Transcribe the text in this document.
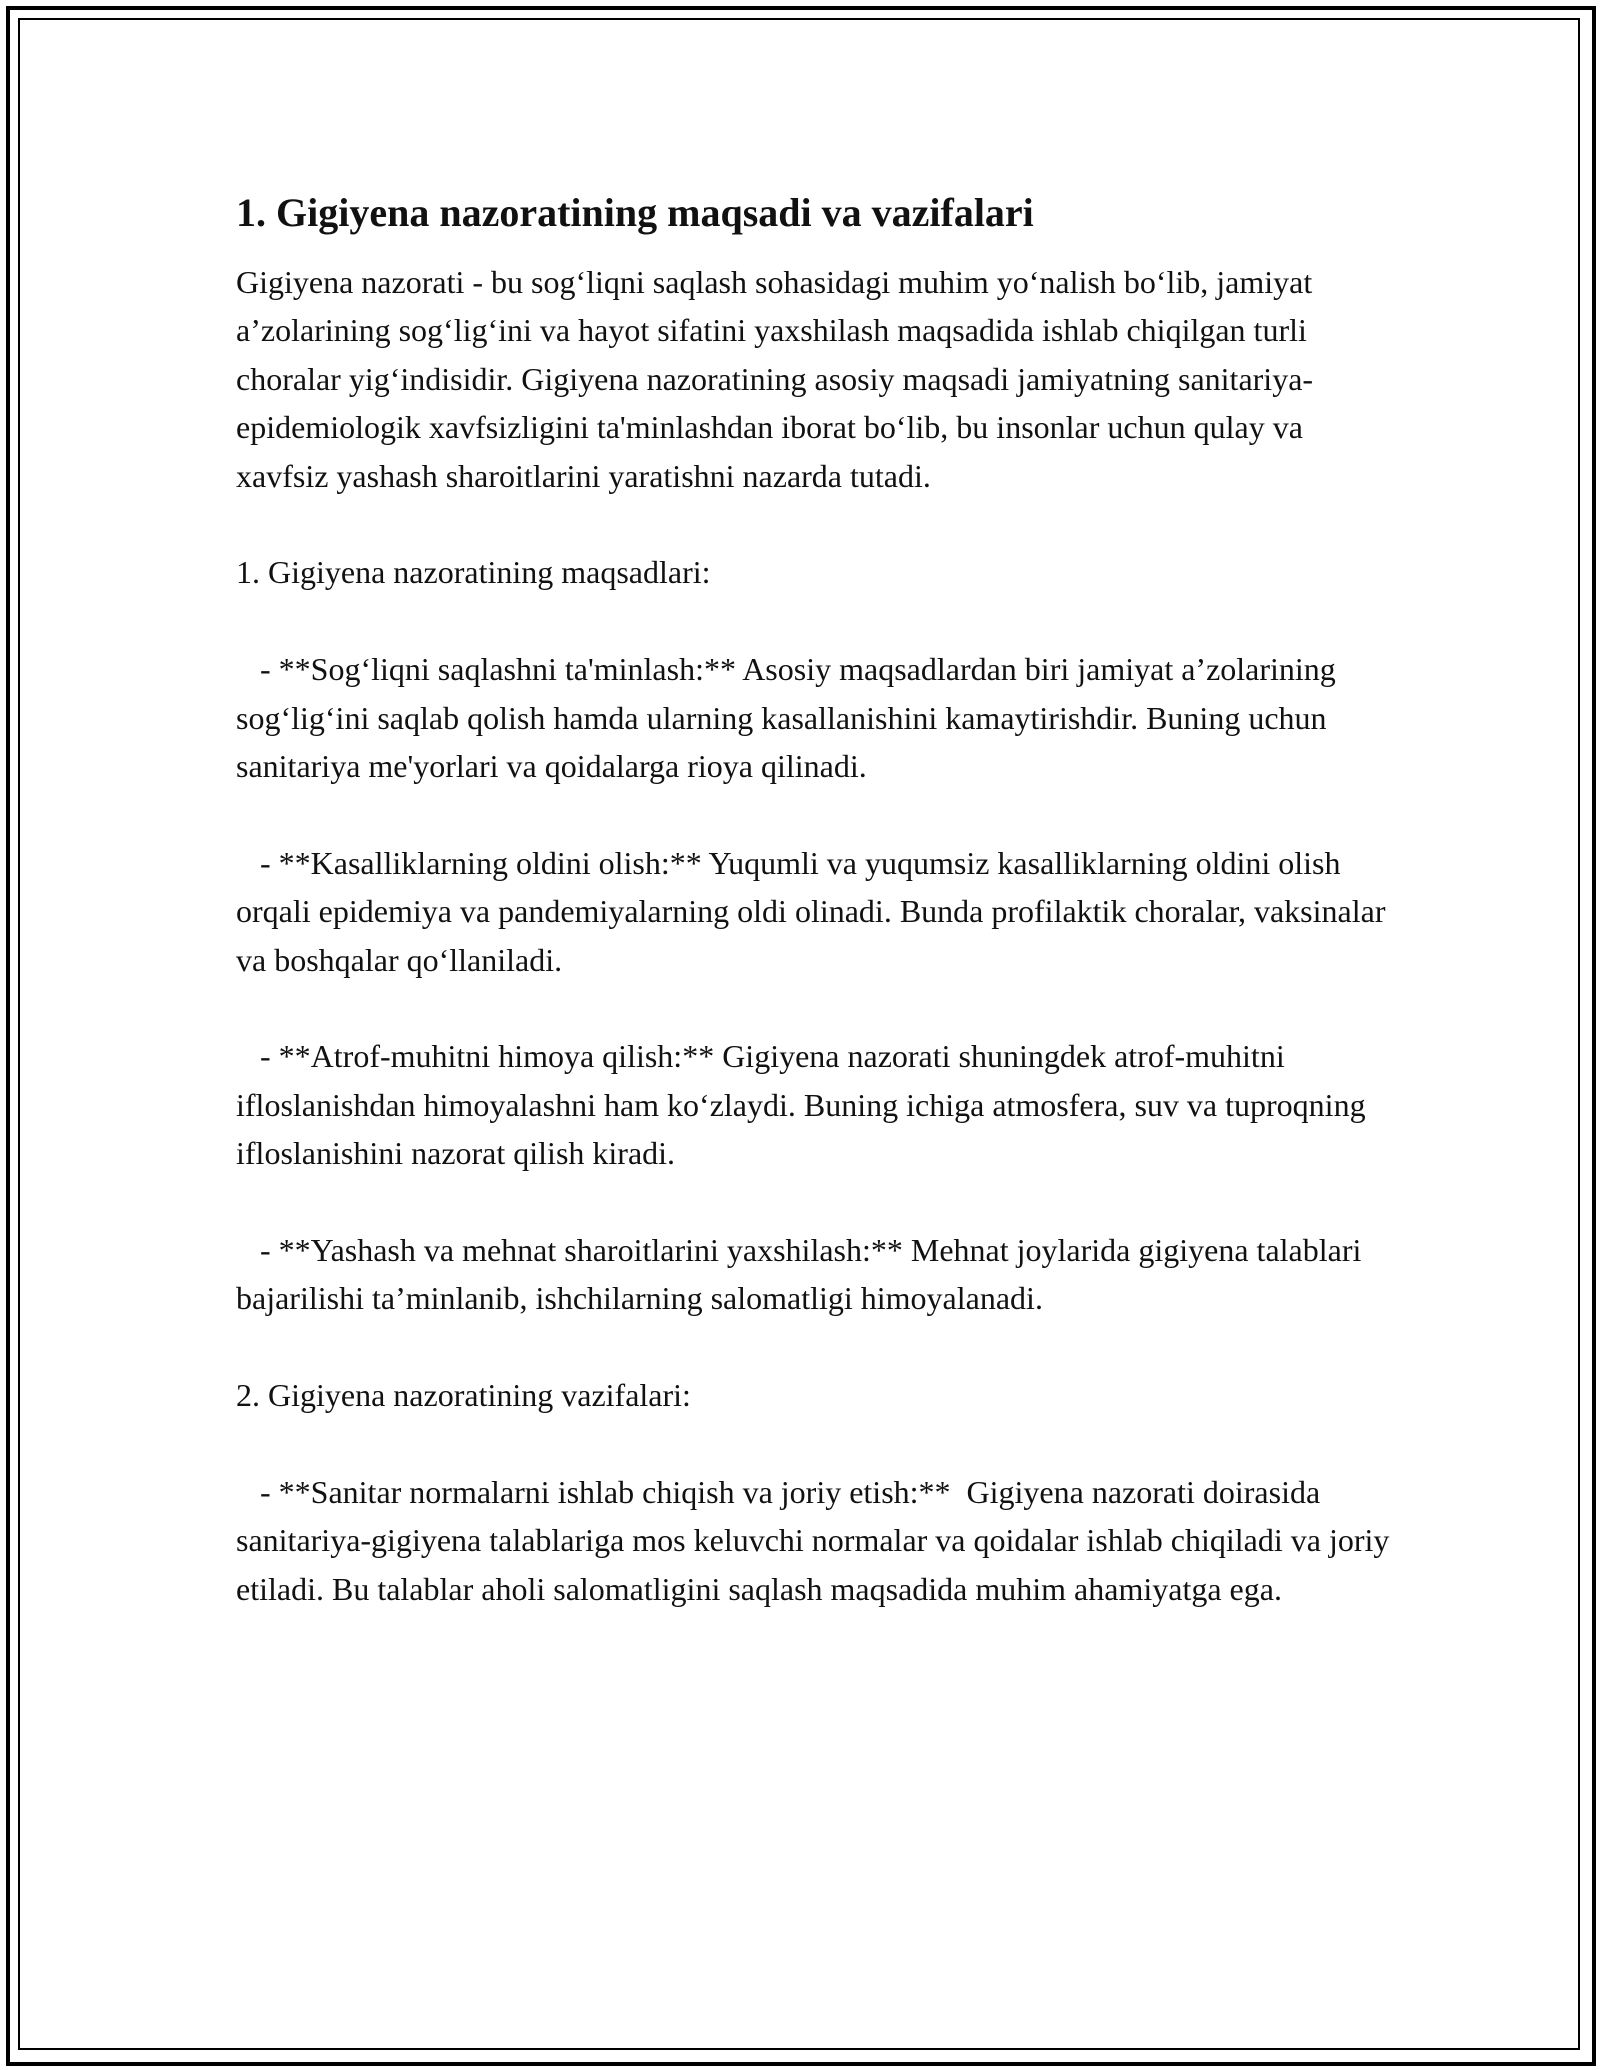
1. Gigiyena nazoratining maqsadi va vazifalari

Gigiyena nazorati - bu sog‘liqni saqlash sohasidagi muhim yo‘nalish bo‘lib, jamiyat a’zolarining sog‘lig‘ini va hayot sifatini yaxshilash maqsadida ishlab chiqilgan turli choralar yig‘indisidir. Gigiyena nazoratining asosiy maqsadi jamiyatning sanitariya-epidemiologik xavfsizligini ta'minlashdan iborat bo‘lib, bu insonlar uchun qulay va xavfsiz yashash sharoitlarini yaratishni nazarda tutadi.

1. Gigiyena nazoratining maqsadlari:

- **Sog‘liqni saqlashni ta'minlash:** Asosiy maqsadlardan biri jamiyat a’zolarining sog‘lig‘ini saqlab qolish hamda ularning kasallanishini kamaytirishdir. Buning uchun sanitariya me'yorlari va qoidalarga rioya qilinadi.

- **Kasalliklarning oldini olish:** Yuqumli va yuqumsiz kasalliklarning oldini olish orqali epidemiya va pandemiyalarning oldi olinadi. Bunda profilaktik choralar, vaksinalar va boshqalar qo‘llaniladi.

- **Atrof-muhitni himoya qilish:** Gigiyena nazorati shuningdek atrof-muhitni ifloslanishdan himoyalashni ham ko‘zlaydi. Buning ichiga atmosfera, suv va tuproqning ifloslanishini nazorat qilish kiradi.

- **Yashash va mehnat sharoitlarini yaxshilash:** Mehnat joylarida gigiyena talablari bajarilishi ta’minlanib, ishchilarning salomatligi himoyalanadi.

2. Gigiyena nazoratining vazifalari:

- **Sanitar normalarni ishlab chiqish va joriy etish:**  Gigiyena nazorati doirasida sanitariya-gigiyena talablariga mos keluvchi normalar va qoidalar ishlab chiqiladi va joriy etiladi. Bu talablar aholi salomatligini saqlash maqsadida muhim ahamiyatga ega.
